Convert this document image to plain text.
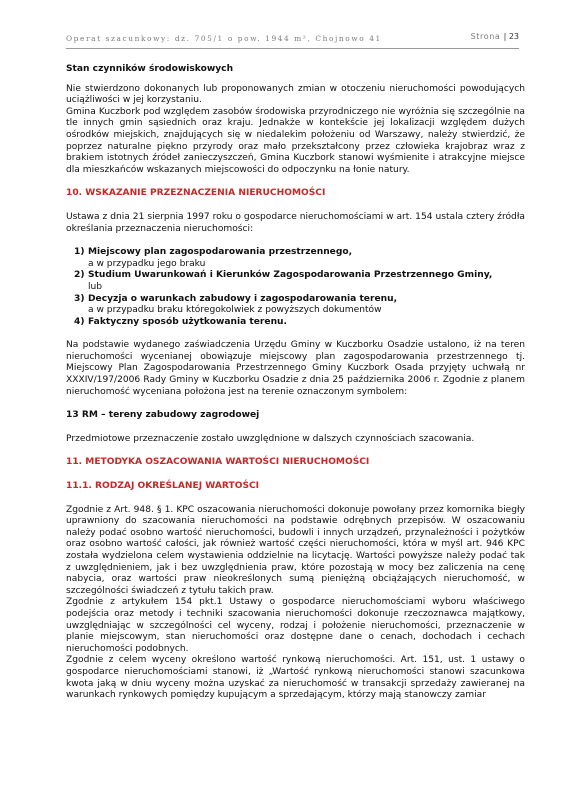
Operat szacunkowy: dz. 705/1 o pow. 1944 m², Chojnowo 41	Strona | 23

Stan czynników środowiskowych

Nie stwierdzono dokonanych lub proponowanych zmian w otoczeniu nieruchomości powodujących uciążliwości w jej korzystaniu.

Gmina Kuczbork pod względem zasobów środowiska przyrodniczego nie wyróżnia się szczególnie na tle innych gmin sąsiednich oraz kraju. Jednakże w kontekście jej lokalizacji względem dużych ośrodków miejskich, znajdujących się w niedalekim położeniu od Warszawy, należy stwierdzić, że poprzez naturalne piękno przyrody oraz mało przekształcony przez człowieka krajobraz wraz z brakiem istotnych źródeł zanieczyszczeń, Gmina Kuczbork stanowi wyśmienite i atrakcyjne miejsce dla mieszkańców wskazanych miejscowości do odpoczynku na łonie natury.

10. WSKAZANIE PRZEZNACZENIA NIERUCHOMOŚCI

Ustawa z dnia 21 sierpnia 1997 roku o gospodarce nieruchomościami w art. 154 ustala cztery źródła określania przeznaczenia nieruchomości:

1) Miejscowy plan zagospodarowania przestrzennego,
a w przypadku jego braku
2) Studium Uwarunkowań i Kierunków Zagospodarowania Przestrzennego Gminy,
lub
3) Decyzja o warunkach zabudowy i zagospodarowania terenu,
a w przypadku braku któregokolwiek z powyższych dokumentów
4) Faktyczny sposób użytkowania terenu.

Na podstawie wydanego zaświadczenia Urzędu Gminy w Kuczborku Osadzie ustalono, iż na teren nieruchomości wycenianej obowiązuje miejscowy plan zagospodarowania przestrzennego tj. Miejscowy Plan Zagospodarowania Przestrzennego Gminy Kuczbork Osada przyjęty uchwałą nr XXXIV/197/2006 Rady Gminy w Kuczborku Osadzie z dnia 25 października 2006 r. Zgodnie z planem nieruchomość wyceniana położona jest na terenie oznaczonym symbolem:

13 RM – tereny zabudowy zagrodowej

Przedmiotowe przeznaczenie zostało uwzględnione w dalszych czynnościach szacowania.

11. METODYKA OSZACOWANIA WARTOŚCI NIERUCHOMOŚCI

11.1. RODZAJ OKREŚLANEJ WARTOŚCI

Zgodnie z Art. 948. § 1. KPC oszacowania nieruchomości dokonuje powołany przez komornika biegły uprawniony do szacowania nieruchomości na podstawie odrębnych przepisów. W oszacowaniu należy podać osobno wartość nieruchomości, budowli i innych urządzeń, przynależności i pożytków oraz osobno wartość całości, jak również wartość części nieruchomości, która w myśl art. 946 KPC została wydzielona celem wystawienia oddzielnie na licytację. Wartości powyższe należy podać tak z uwzględnieniem, jak i bez uwzględnienia praw, które pozostają w mocy bez zaliczenia na cenę nabycia, oraz wartości praw nieokreślonych sumą pieniężną obciążających nieruchomość, w szczególności świadczeń z tytułu takich praw.

Zgodnie z artykułem 154 pkt.1 Ustawy o gospodarce nieruchomościami wyboru właściwego podejścia oraz metody i techniki szacowania nieruchomości dokonuje rzeczoznawca majątkowy, uwzględniając w szczególności cel wyceny, rodzaj i położenie nieruchomości, przeznaczenie w planie miejscowym, stan nieruchomości oraz dostępne dane o cenach, dochodach i cechach nieruchomości podobnych.

Zgodnie z celem wyceny określono wartość rynkową nieruchomości. Art. 151, ust. 1 ustawy o gospodarce nieruchomościami stanowi, iż „Wartość rynkową nieruchomości stanowi szacunkowa kwota jaką w dniu wyceny można uzyskać za nieruchomość w transakcji sprzedaży zawieranej na warunkach rynkowych pomiędzy kupującym a sprzedającym, którzy mają stanowczy zamiar
